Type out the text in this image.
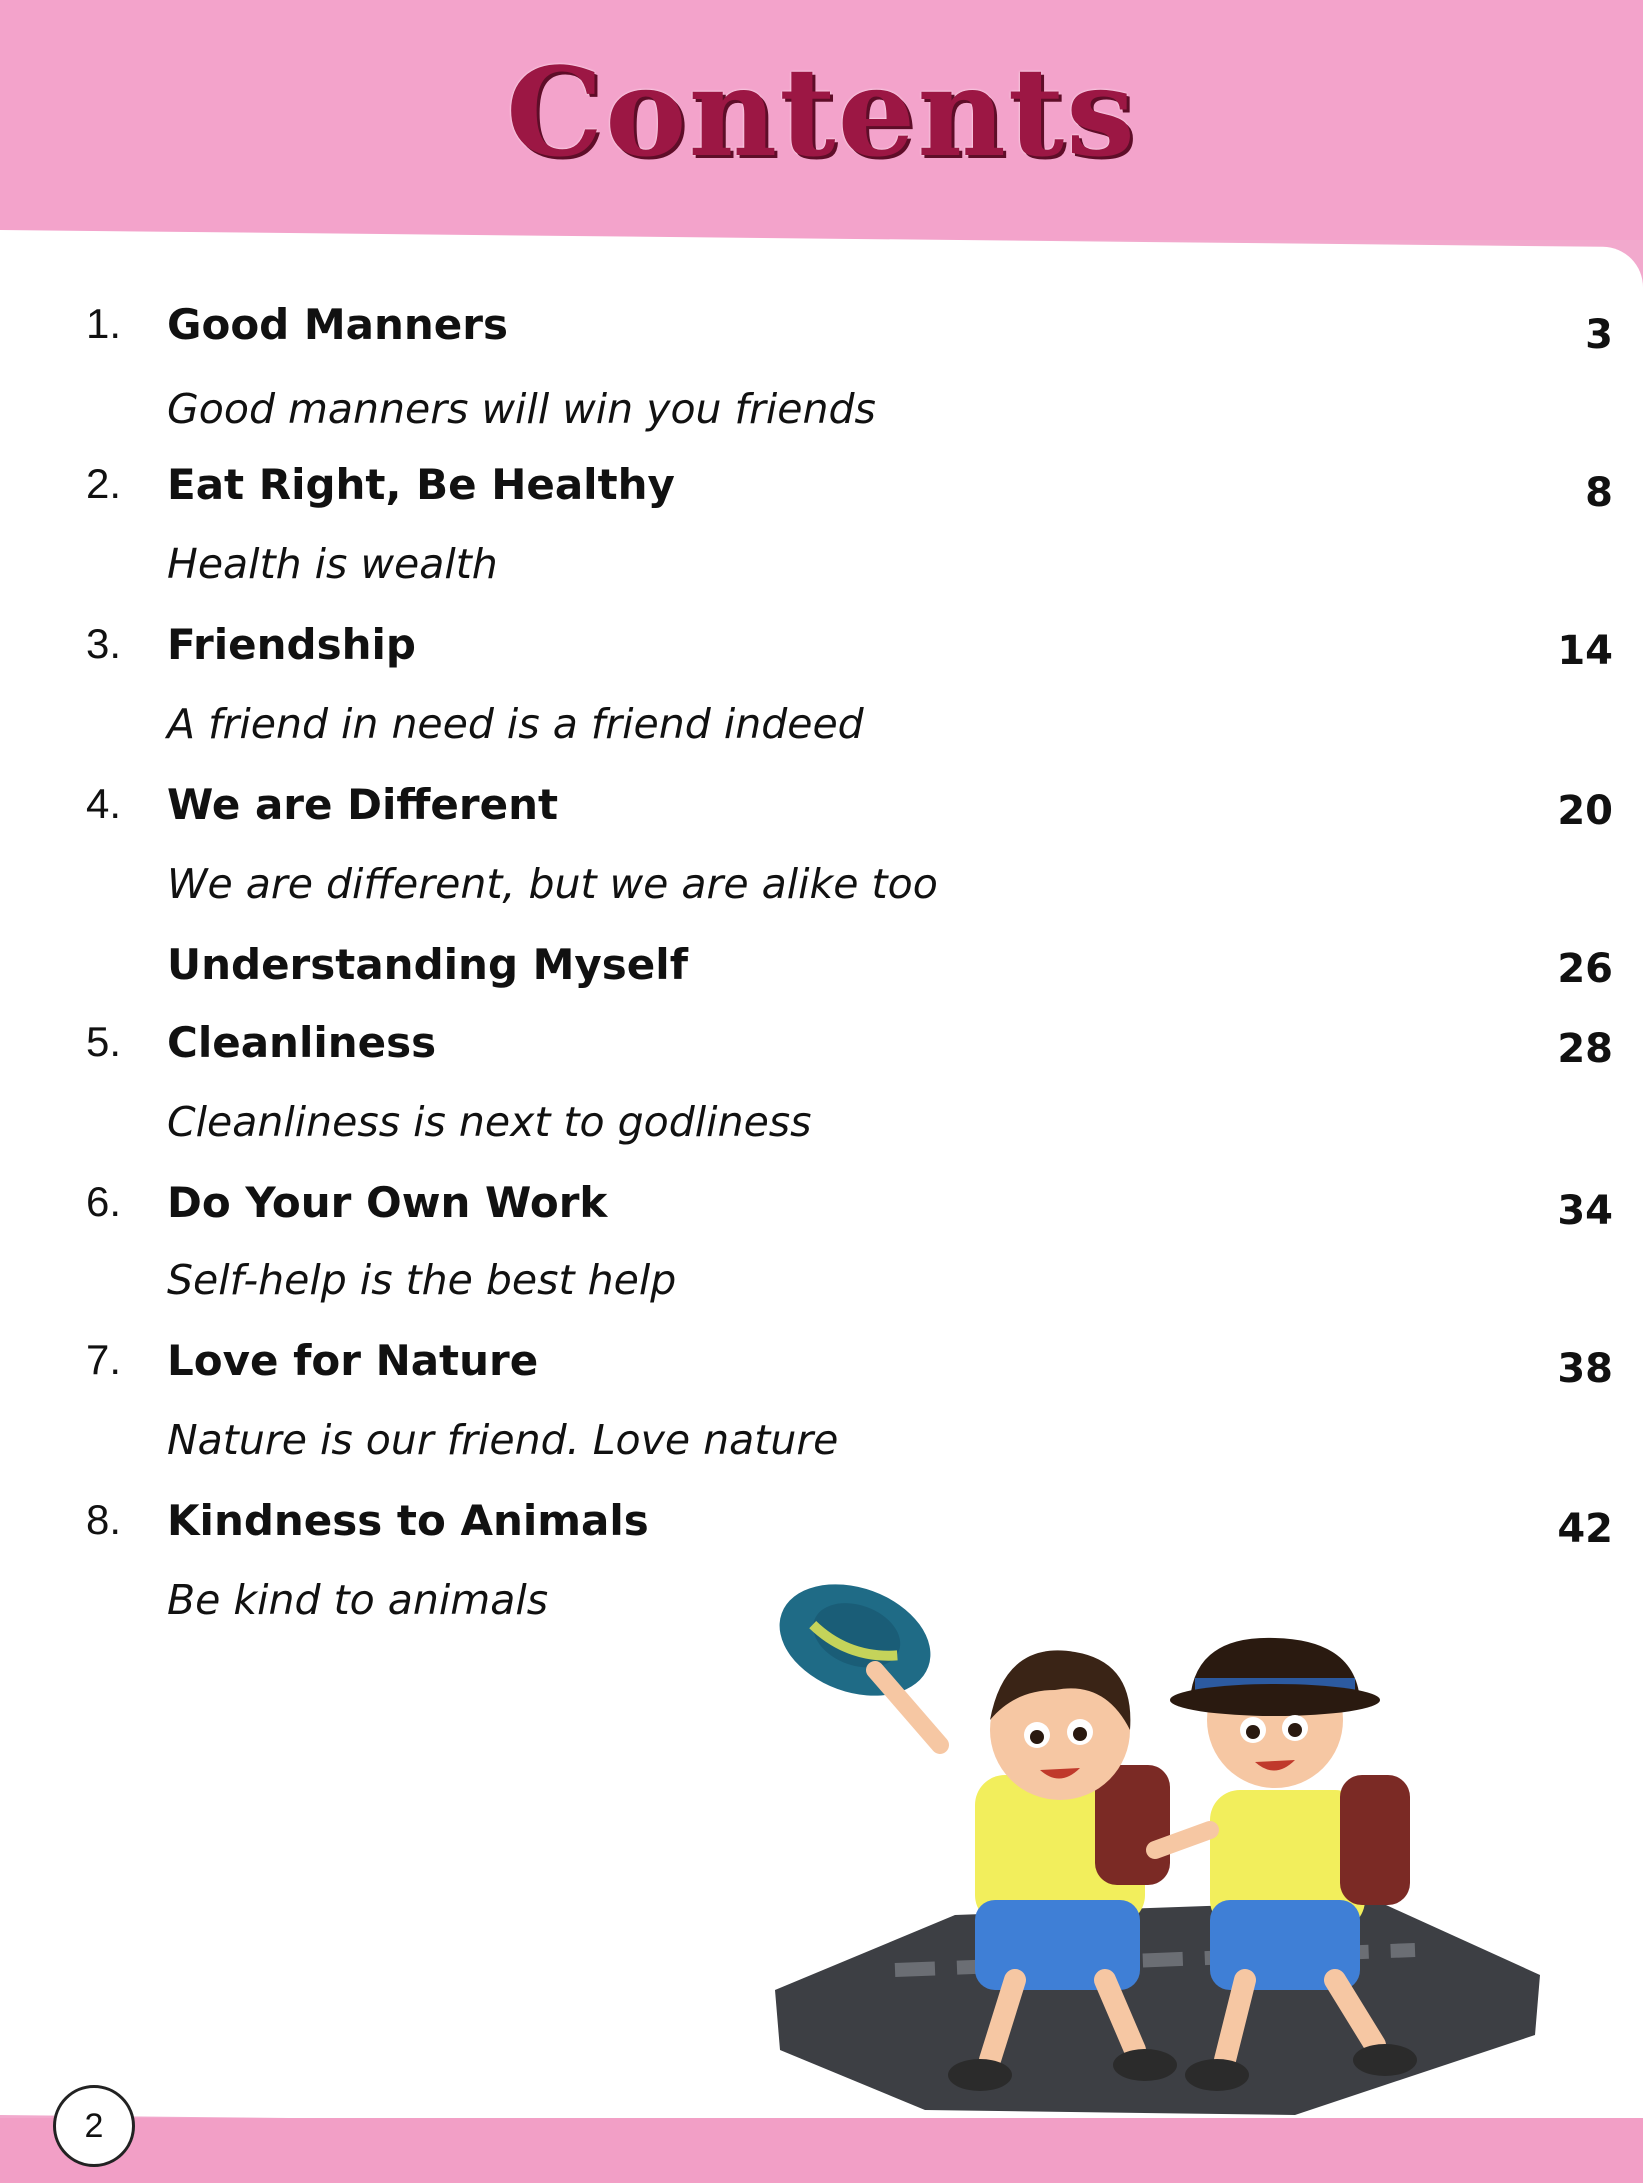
Contents
1. Good Manners	3
Good manners will win you friends
2. Eat Right, Be Healthy	8
Health is wealth
3. Friendship	14
A friend in need is a friend indeed
4. We are Different	20
We are different, but we are alike too
Understanding Myself	26
5. Cleanliness	28
Cleanliness is next to godliness
6. Do Your Own Work	34
Self-help is the best help
7. Love for Nature	38
Nature is our friend. Love nature
8. Kindness to Animals	42
Be kind to animals
2
